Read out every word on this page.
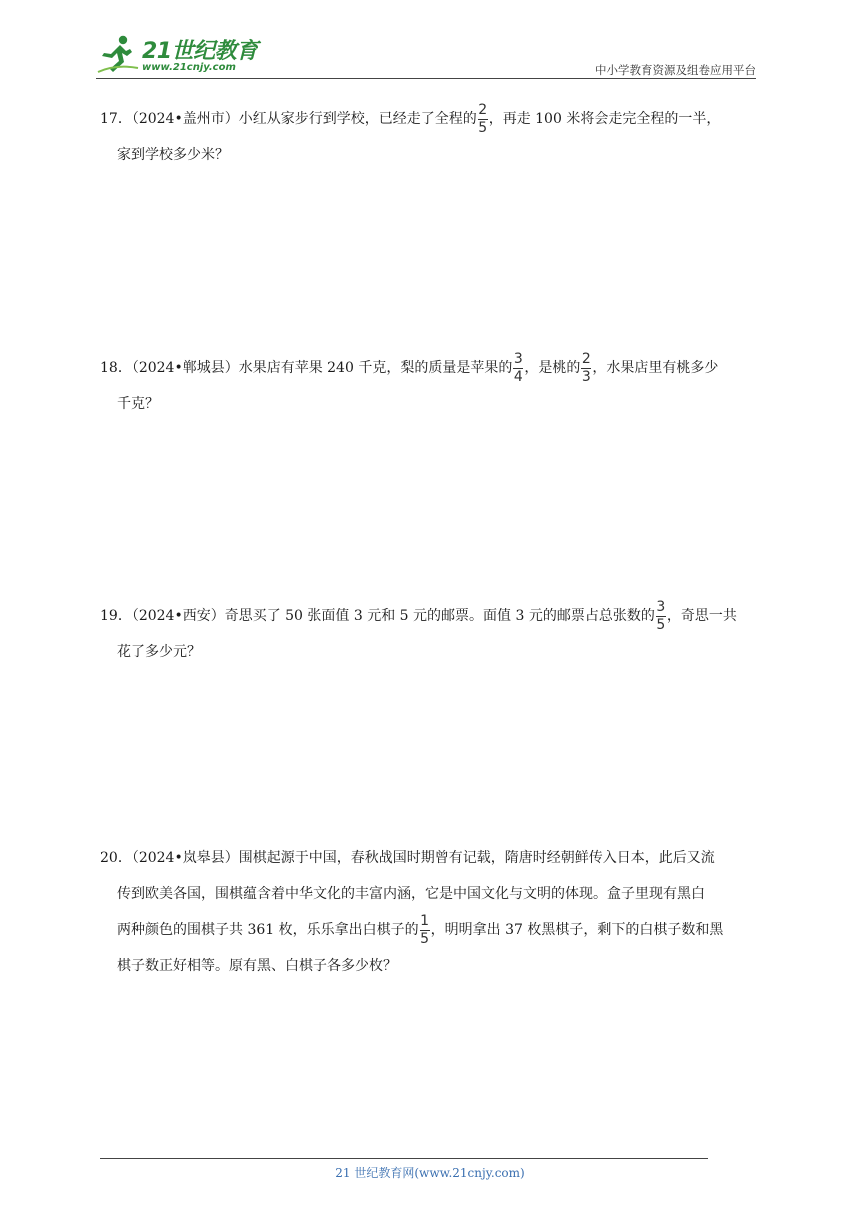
21世纪教育
www.21cnjy.com	中小学教育资源及组卷应用平台
17．（2024•盖州市）小红从家步行到学校，已经走了全程的 $\frac{2}{5}$ ，再走 100 米将会走完全程的一半，
家到学校多少米？
18．（2024•郸城县）水果店有苹果 240 千克，梨的质量是苹果的 $\frac{3}{4}$ ，是桃的 $\frac{2}{3}$ ，水果店里有桃多少
千克？
19．（2024•西安）奇思买了 50 张面值 3 元和 5 元的邮票。面值 3 元的邮票占总张数的 $\frac{3}{5}$ ，奇思一共
花了多少元？
20．（2024•岚皋县）围棋起源于中国，春秋战国时期曾有记载，隋唐时经朝鲜传入日本，此后又流
传到欧美各国，围棋蕴含着中华文化的丰富内涵，它是中国文化与文明的体现。盒子里现有黑白
两种颜色的围棋子共 361 枚，乐乐拿出白棋子的 $\frac{1}{5}$ ，明明拿出 37 枚黑棋子，剩下的白棋子数和黑
棋子数正好相等。原有黑、白棋子各多少枚？
21 世纪教育网(www.21cnjy.com)
